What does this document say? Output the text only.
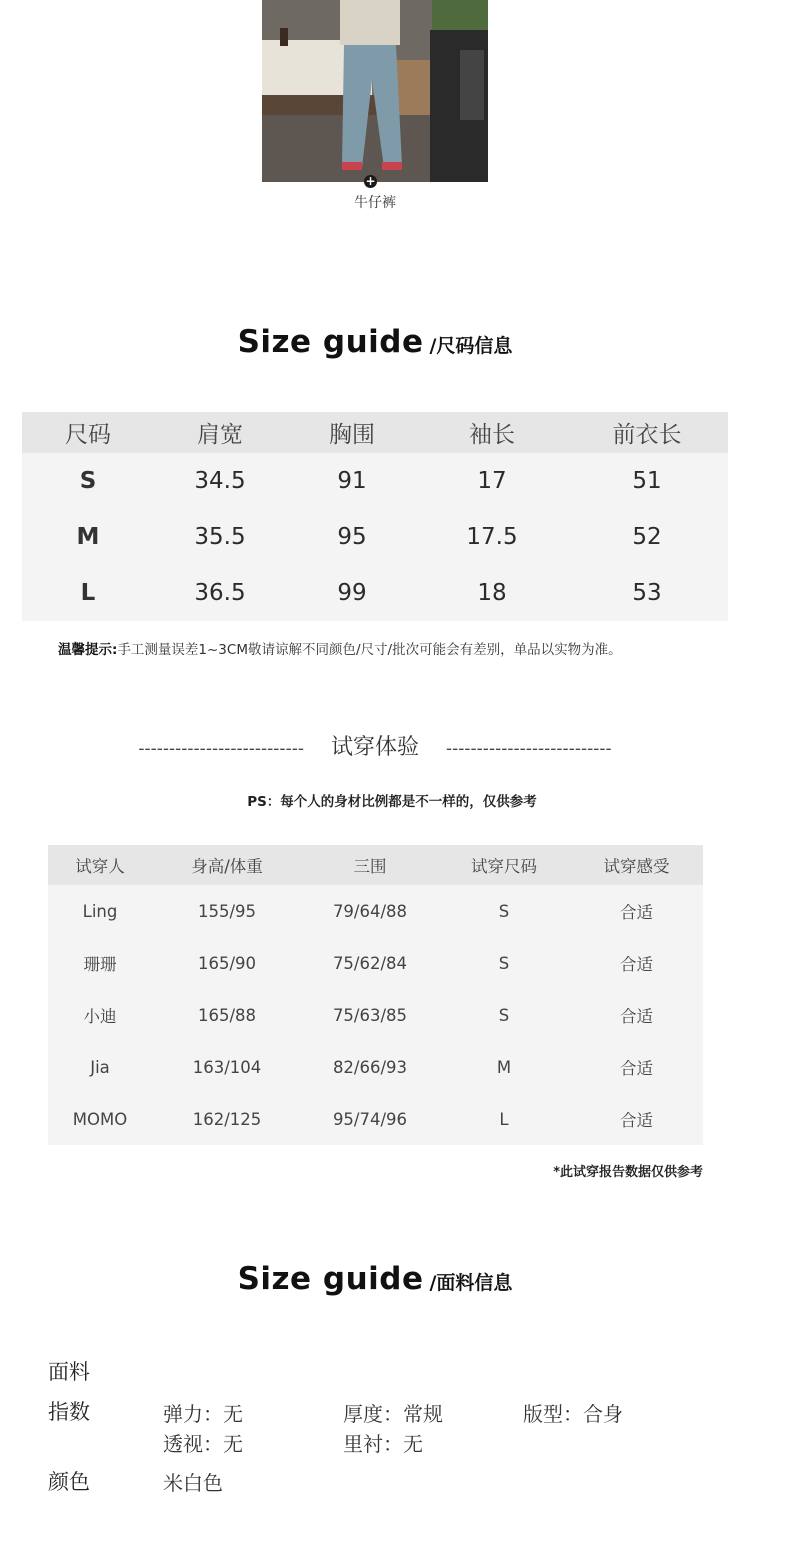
+
牛仔裤
Size guide /尺码信息
尺码	肩宽	胸围	袖长	前衣长
S	34.5	91	17	51
M	35.5	95	17.5	52
L	36.5	99	18	53
温馨提示:手工测量误差1~3CM敬请谅解不同颜色/尺寸/批次可能会有差别，单品以实物为准。
--------------------------- 试穿体验 ---------------------------
PS：每个人的身材比例都是不一样的，仅供参考
试穿人	身高/体重	三围	试穿尺码	试穿感受
Ling	155/95	79/64/88	S	合适
珊珊	165/90	75/62/84	S	合适
小迪	165/88	75/63/85	S	合适
Jia	163/104	82/66/93	M	合适
MOMO	162/125	95/74/96	L	合适
*此试穿报告数据仅供参考
Size guide /面料信息
面料
指数	弹力：无	厚度：常规	版型：合身
透视：无	里衬：无
颜色	米白色
